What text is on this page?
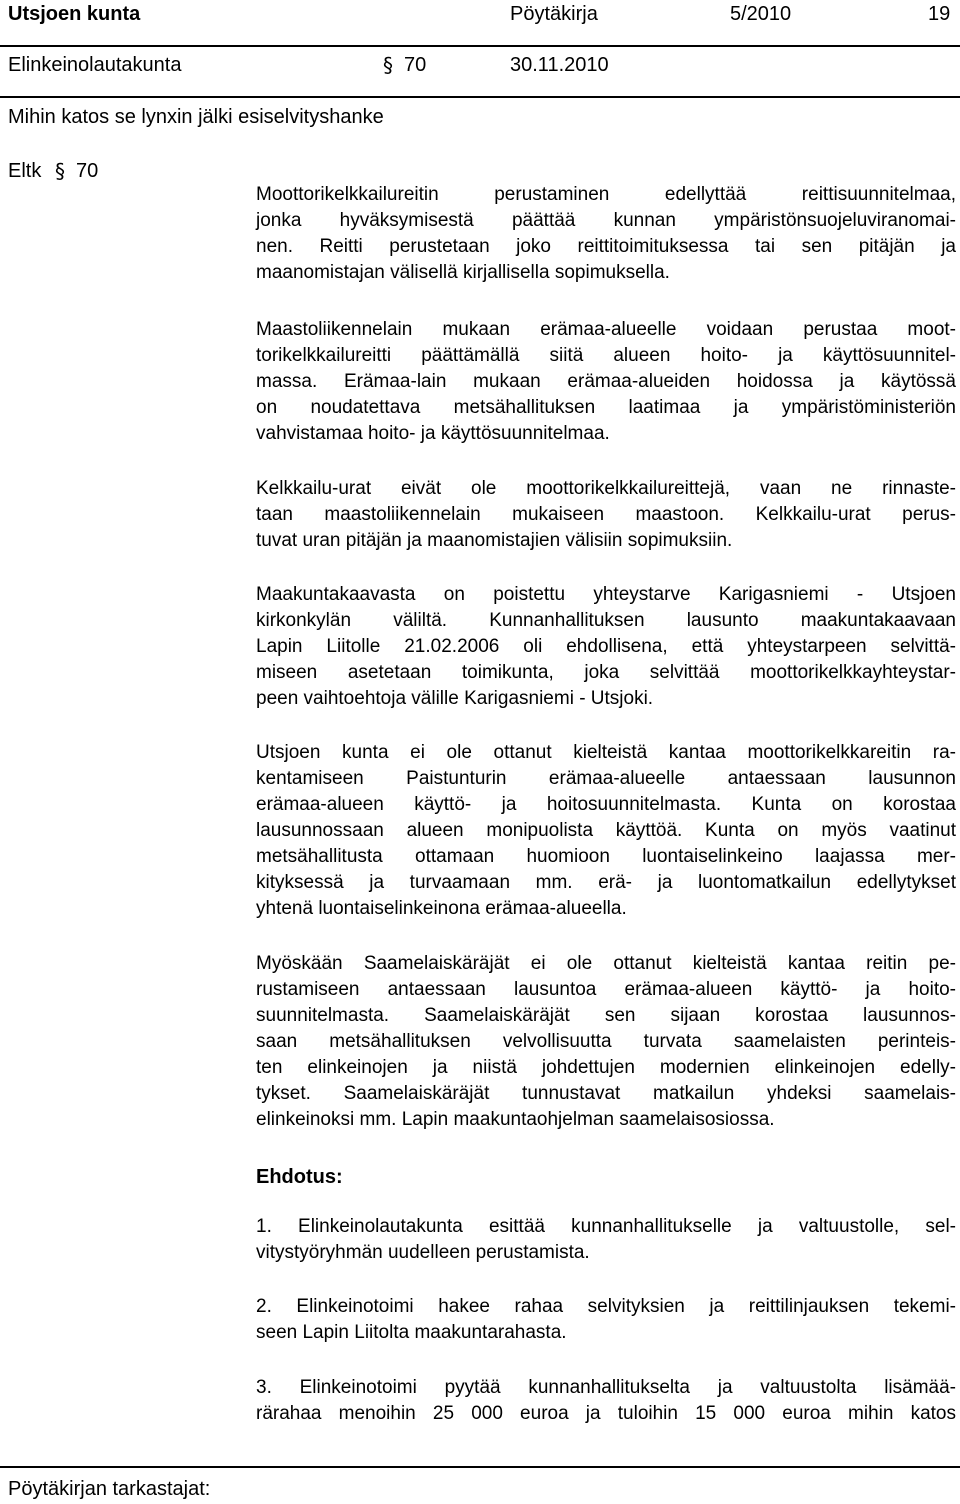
Utsjoen kunta	Pöytäkirja	5/2010	19
Elinkeinolautakunta	§ 70	30.11.2010
Mihin katos se lynxin jälki esiselvityshanke
Eltk § 70
Moottorikelkkailureitin perustaminen edellyttää reittisuunnitelmaa,
jonka hyväksymisestä päättää kunnan ympäristönsuojeluviranomai-
nen. Reitti perustetaan joko reittitoimituksessa tai sen pitäjän ja
maanomistajan välisellä kirjallisella sopimuksella.
Maastoliikennelain mukaan erämaa-alueelle voidaan perustaa moot-
torikelkkailureitti päättämällä siitä alueen hoito- ja käyttösuunnitel-
massa. Erämaa-lain mukaan erämaa-alueiden hoidossa ja käytössä
on noudatettava metsähallituksen laatimaa ja ympäristöministeriön
vahvistamaa hoito- ja käyttösuunnitelmaa.
Kelkkailu-urat eivät ole moottorikelkkailureittejä, vaan ne rinnaste-
taan maastoliikennelain mukaiseen maastoon. Kelkkailu-urat perus-
tuvat uran pitäjän ja maanomistajien välisiin sopimuksiin.
Maakuntakaavasta on poistettu yhteystarve Karigasniemi - Utsjoen
kirkonkylän väliltä. Kunnanhallituksen lausunto maakuntakaavaan
Lapin Liitolle 21.02.2006 oli ehdollisena, että yhteystarpeen selvittä-
miseen asetetaan toimikunta, joka selvittää moottorikelkkayhteystar-
peen vaihtoehtoja välille Karigasniemi - Utsjoki.
Utsjoen kunta ei ole ottanut kielteistä kantaa moottorikelkkareitin ra-
kentamiseen Paistunturin erämaa-alueelle antaessaan lausunnon
erämaa-alueen käyttö- ja hoitosuunnitelmasta. Kunta on korostaa
lausunnossaan alueen monipuolista käyttöä. Kunta on myös vaatinut
metsähallitusta ottamaan huomioon luontaiselinkeino laajassa mer-
kityksessä ja turvaamaan mm. erä- ja luontomatkailun edellytykset
yhtenä luontaiselinkeinona erämaa-alueella.
Myöskään Saamelaiskäräjät ei ole ottanut kielteistä kantaa reitin pe-
rustamiseen antaessaan lausuntoa erämaa-alueen käyttö- ja hoito-
suunnitelmasta. Saamelaiskäräjät sen sijaan korostaa lausunnos-
saan metsähallituksen velvollisuutta turvata saamelaisten perinteis-
ten elinkeinojen ja niistä johdettujen modernien elinkeinojen edelly-
tykset. Saamelaiskäräjät tunnustavat matkailun yhdeksi saamelais-
elinkeinoksi mm. Lapin maakuntaohjelman saamelaisosiossa.
Ehdotus:
1. Elinkeinolautakunta esittää kunnanhallitukselle ja valtuustolle, sel-
vitystyöryhmän uudelleen perustamista.
2. Elinkeinotoimi hakee rahaa selvityksien ja reittilinjauksen tekemi-
seen Lapin Liitolta maakuntarahasta.
3. Elinkeinotoimi pyytää kunnanhallitukselta ja valtuustolta lisämää-
rärahaa menoihin 25 000 euroa ja tuloihin 15 000 euroa mihin katos
Pöytäkirjan tarkastajat:
